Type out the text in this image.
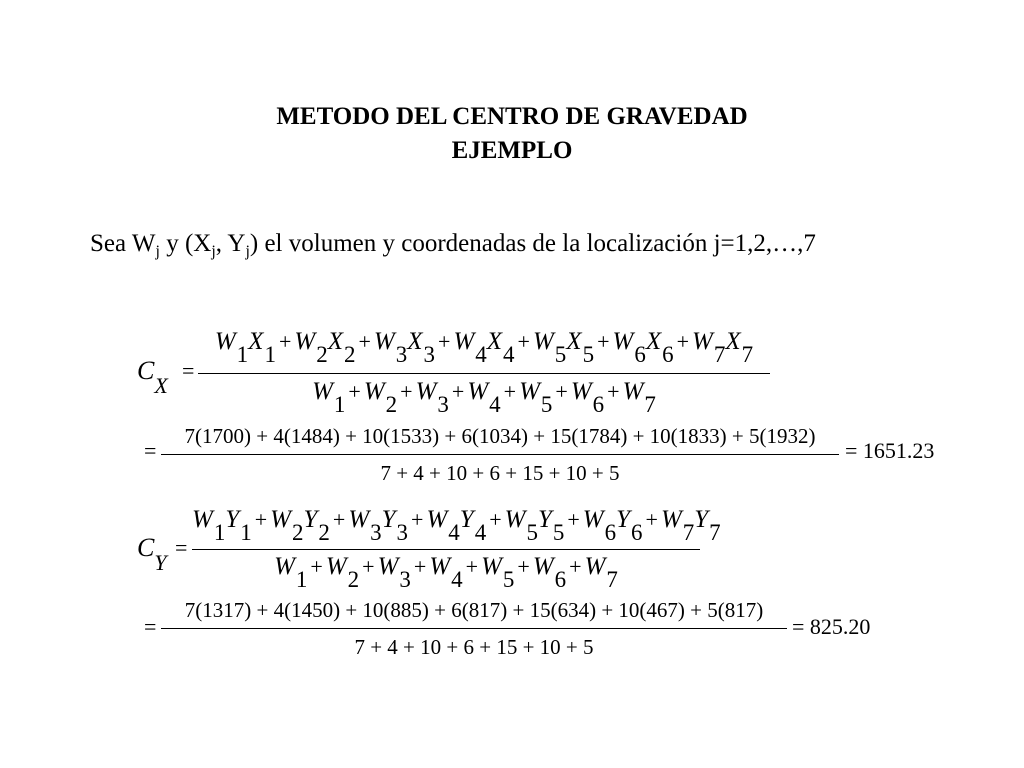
METODO DEL CENTRO DE GRAVEDAD
EJEMPLO
Sea $W_j$ y ($X_j$, $Y_j$) el volumen y coordenadas de la localización j=1,2,…,7
$C_X$
=
W1X1+ W2X2+ W3X3+ W4X4+ W5X5+ W6X6+ W7X7
W1+ W2+ W3+ W4+ W5+ W6+ W7
=
7(1700) + 4(1484) + 10(1533) + 6(1034) + 15(1784) + 10(1833) + 5(1932)
7 + 4 + 10 + 6 + 15 + 10 + 5
= 1651.23
$C_Y$
=
W1Y1+ W2Y2+ W3Y3+ W4Y4+ W5Y5+ W6Y6+ W7Y7
W1+ W2+ W3+ W4+ W5+ W6+ W7
=
7(1317) + 4(1450) + 10(885) + 6(817) + 15(634) + 10(467) + 5(817)
7 + 4 + 10 + 6 + 15 + 10 + 5
= 825.20
